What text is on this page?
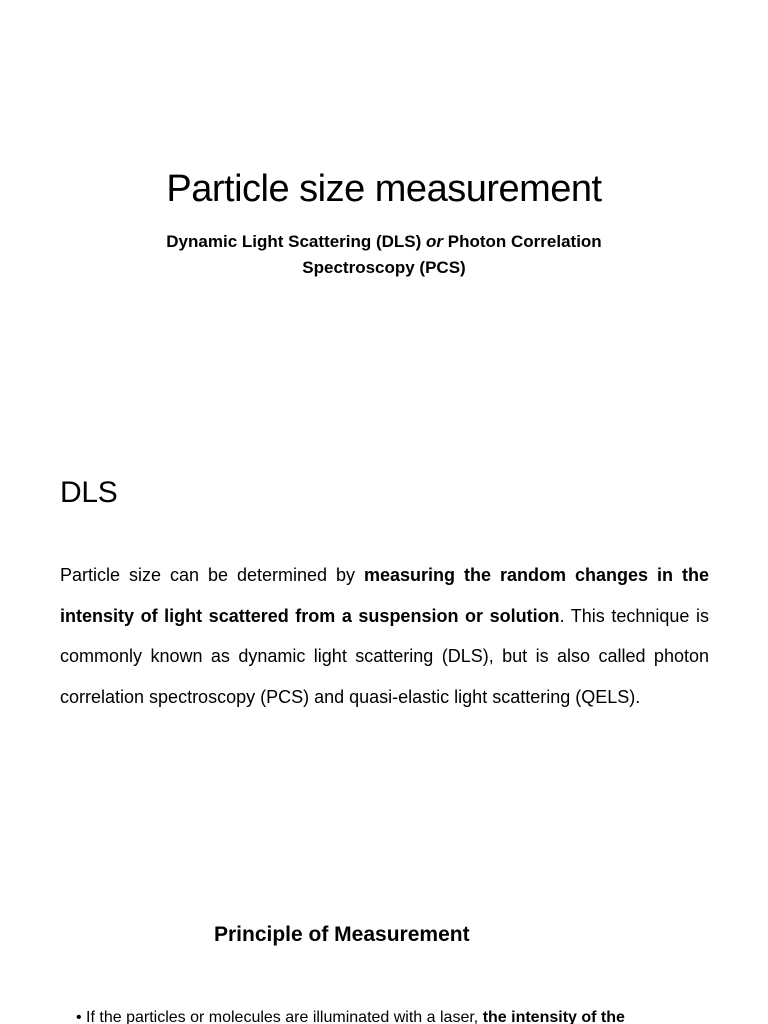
Particle size measurement

Dynamic Light Scattering (DLS) or Photon Correlation Spectroscopy (PCS)

DLS

Particle size can be determined by measuring the random changes in the intensity of light scattered from a suspension or solution. This technique is commonly known as dynamic light scattering (DLS), but is also called photon correlation spectroscopy (PCS) and quasi-elastic light scattering (QELS).

Principle of Measurement

• If the particles or molecules are illuminated with a laser, the intensity of the
